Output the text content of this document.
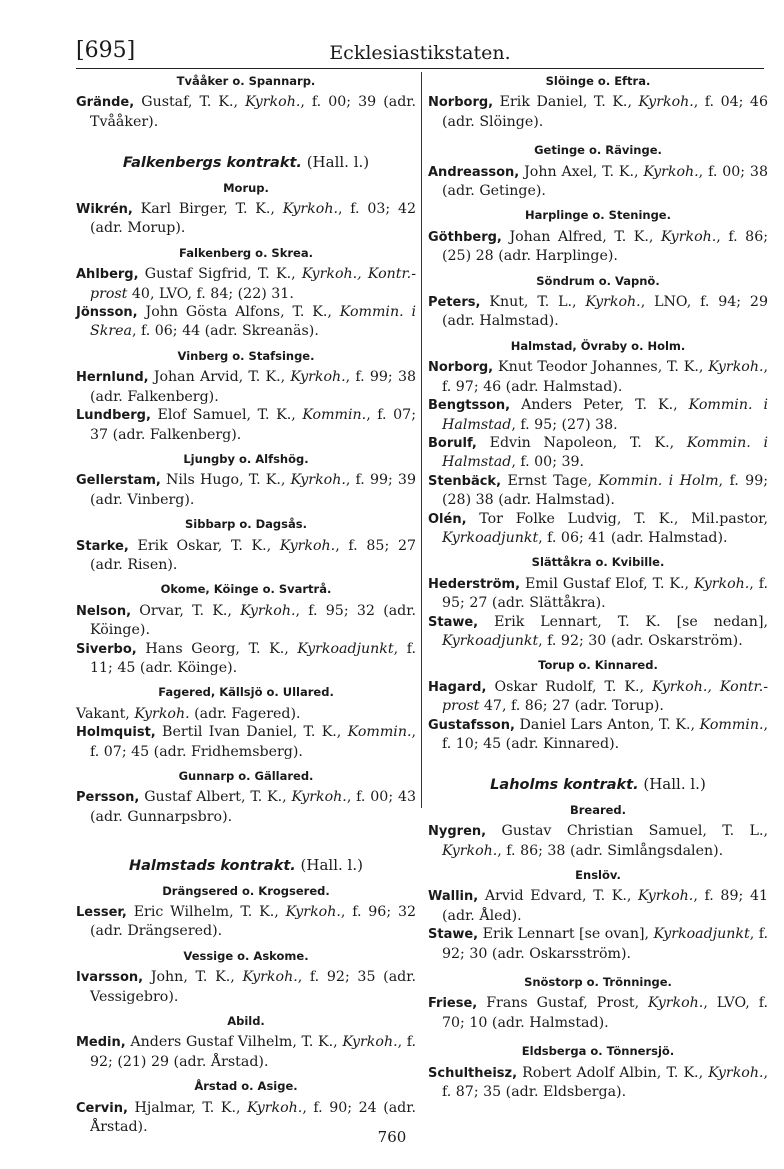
[695]	Ecklesiastikstaten.
Tvååker o. Spannarp.

Grände, Gustaf, T. K., Kyrkoh., f. 00; 39 (adr. Tvååker).

Falkenbergs kontrakt. (Hall. l.)
Morup.

Wikrén, Karl Birger, T. K., Kyrkoh., f. 03; 42 (adr. Morup).

Falkenberg o. Skrea.

Ahlberg, Gustaf Sigfrid, T. K., Kyrkoh., Kontr.-prost 40, LVO, f. 84; (22) 31.

Jönsson, John Gösta Alfons, T. K., Kommin. i Skrea, f. 06; 44 (adr. Skreanäs).

Vinberg o. Stafsinge.

Hernlund, Johan Arvid, T. K., Kyrkoh., f. 99; 38 (adr. Falkenberg).

Lundberg, Elof Samuel, T. K., Kommin., f. 07; 37 (adr. Falkenberg).

Ljungby o. Alfshög.

Gellerstam, Nils Hugo, T. K., Kyrkoh., f. 99; 39 (adr. Vinberg).

Sibbarp o. Dagsås.

Starke, Erik Oskar, T. K., Kyrkoh., f. 85; 27 (adr. Risen).

Okome, Köinge o. Svartrå.

Nelson, Orvar, T. K., Kyrkoh., f. 95; 32 (adr. Köinge).

Siverbo, Hans Georg, T. K., Kyrkoadjunkt, f. 11; 45 (adr. Köinge).

Fagered, Källsjö o. Ullared.

Vakant, Kyrkoh. (adr. Fagered).

Holmquist, Bertil Ivan Daniel, T. K., Kommin., f. 07; 45 (adr. Fridhemsberg).

Gunnarp o. Gällared.

Persson, Gustaf Albert, T. K., Kyrkoh., f. 00; 43 (adr. Gunnarpsbro).

Halmstads kontrakt. (Hall. l.)
Drängsered o. Krogsered.

Lesser, Eric Wilhelm, T. K., Kyrkoh., f. 96; 32 (adr. Drängsered).

Vessige o. Askome.

Ivarsson, John, T. K., Kyrkoh., f. 92; 35 (adr. Vessigebro).

Abild.

Medin, Anders Gustaf Vilhelm, T. K., Kyrkoh., f. 92; (21) 29 (adr. Årstad).

Årstad o. Asige.

Cervin, Hjalmar, T. K., Kyrkoh., f. 90; 24 (adr. Årstad).

Slöinge o. Eftra.

Norborg, Erik Daniel, T. K., Kyrkoh., f. 04; 46 (adr. Slöinge).

Getinge o. Rävinge.

Andreasson, John Axel, T. K., Kyrkoh., f. 00; 38 (adr. Getinge).

Harplinge o. Steninge.

Göthberg, Johan Alfred, T. K., Kyrkoh., f. 86; (25) 28 (adr. Harplinge).

Söndrum o. Vapnö.

Peters, Knut, T. L., Kyrkoh., LNO, f. 94; 29 (adr. Halmstad).

Halmstad, Övraby o. Holm.

Norborg, Knut Teodor Johannes, T. K., Kyrkoh., f. 97; 46 (adr. Halmstad).

Bengtsson, Anders Peter, T. K., Kommin. i Halmstad, f. 95; (27) 38.

Borulf, Edvin Napoleon, T. K., Kommin. i Halmstad, f. 00; 39.

Stenbäck, Ernst Tage, Kommin. i Holm, f. 99; (28) 38 (adr. Halmstad).

Olén, Tor Folke Ludvig, T. K., Mil.pastor, Kyrkoadjunkt, f. 06; 41 (adr. Halmstad).

Slättåkra o. Kvibille.

Hederström, Emil Gustaf Elof, T. K., Kyrkoh., f. 95; 27 (adr. Slättåkra).

Stawe, Erik Lennart, T. K. [se nedan], Kyrkoadjunkt, f. 92; 30 (adr. Oskarström).

Torup o. Kinnared.

Hagard, Oskar Rudolf, T. K., Kyrkoh., Kontr.-prost 47, f. 86; 27 (adr. Torup).

Gustafsson, Daniel Lars Anton, T. K., Kommin., f. 10; 45 (adr. Kinnared).

Laholms kontrakt. (Hall. l.)
Breared.

Nygren, Gustav Christian Samuel, T. L., Kyrkoh., f. 86; 38 (adr. Simlångsdalen).

Enslöv.

Wallin, Arvid Edvard, T. K., Kyrkoh., f. 89; 41 (adr. Åled).

Stawe, Erik Lennart [se ovan], Kyrkoadjunkt, f. 92; 30 (adr. Oskarsström).

Snöstorp o. Trönninge.

Friese, Frans Gustaf, Prost, Kyrkoh., LVO, f. 70; 10 (adr. Halmstad).

Eldsberga o. Tönnersjö.

Schultheisz, Robert Adolf Albin, T. K., Kyrkoh., f. 87; 35 (adr. Eldsberga).

760
